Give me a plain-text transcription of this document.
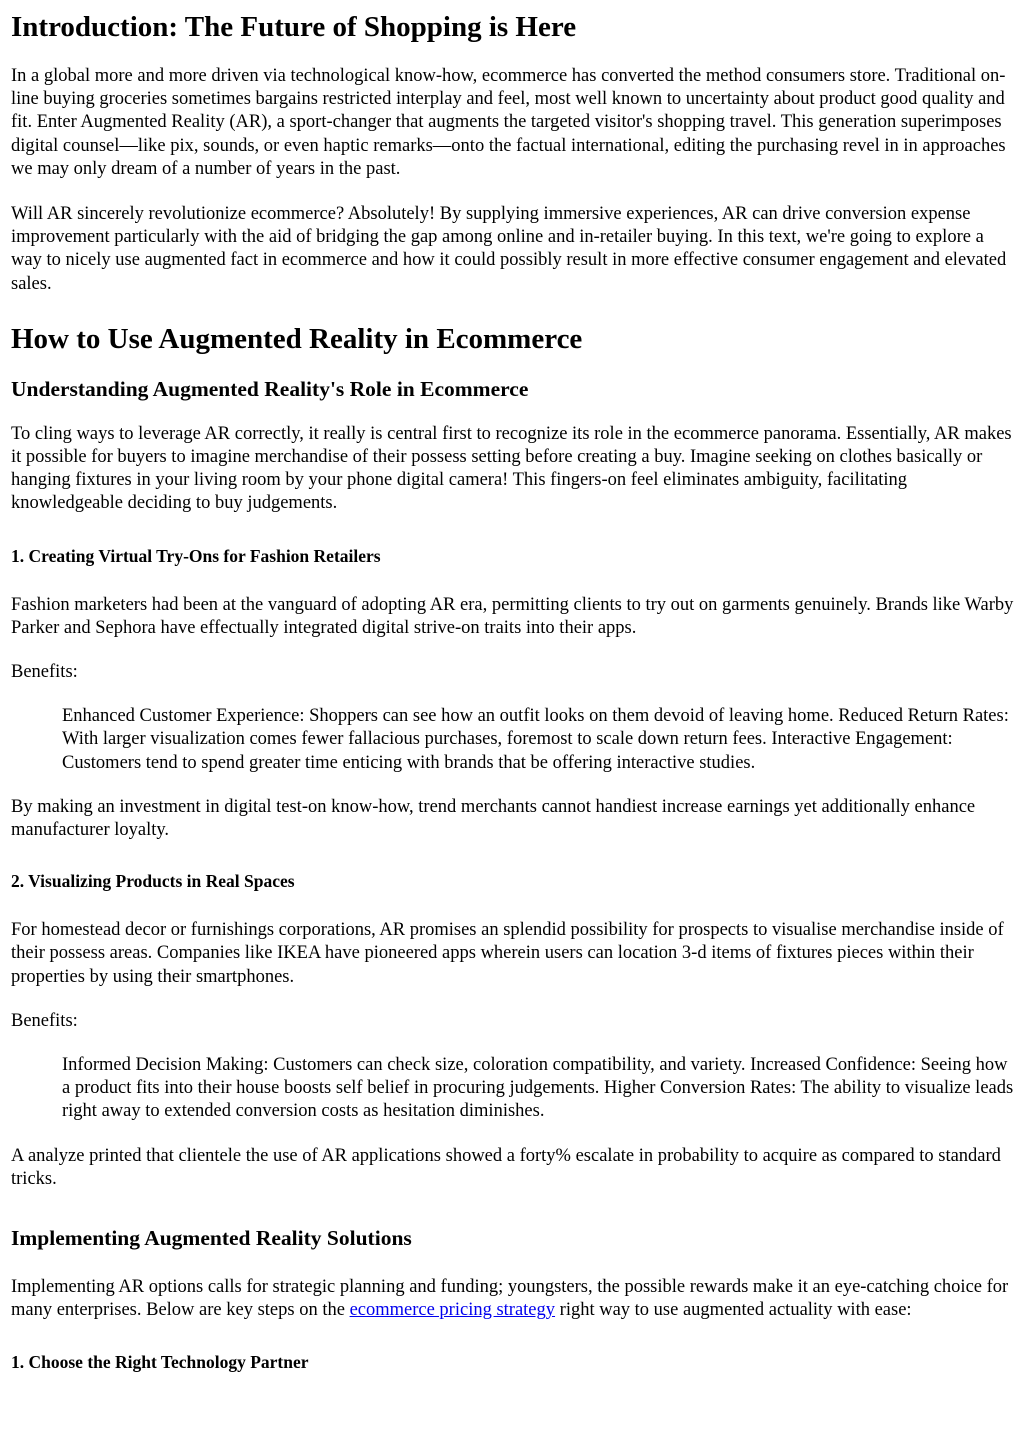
Introduction: The Future of Shopping is Here

In a global more and more driven via technological know-how, ecommerce has converted the method consumers store. Traditional on-line buying groceries sometimes bargains restricted interplay and feel, most well known to uncertainty about product good quality and fit. Enter Augmented Reality (AR), a sport-changer that augments the targeted visitor's shopping travel. This generation superimposes digital counsel—like pix, sounds, or even haptic remarks—onto the factual international, editing the purchasing revel in in approaches we may only dream of a number of years in the past.

Will AR sincerely revolutionize ecommerce? Absolutely! By supplying immersive experiences, AR can drive conversion expense improvement particularly with the aid of bridging the gap among online and in-retailer buying. In this text, we're going to explore a way to nicely use augmented fact in ecommerce and how it could possibly result in more effective consumer engagement and elevated sales.

How to Use Augmented Reality in Ecommerce
Understanding Augmented Reality's Role in Ecommerce

To cling ways to leverage AR correctly, it really is central first to recognize its role in the ecommerce panorama. Essentially, AR makes it possible for buyers to imagine merchandise of their possess setting before creating a buy. Imagine seeking on clothes basically or hanging fixtures in your living room by your phone digital camera! This fingers-on feel eliminates ambiguity, facilitating knowledgeable deciding to buy judgements.

1. Creating Virtual Try-Ons for Fashion Retailers

Fashion marketers had been at the vanguard of adopting AR era, permitting clients to try out on garments genuinely. Brands like Warby Parker and Sephora have effectually integrated digital strive-on traits into their apps.

Benefits:

Enhanced Customer Experience: Shoppers can see how an outfit looks on them devoid of leaving home. Reduced Return Rates: With larger visualization comes fewer fallacious purchases, foremost to scale down return fees. Interactive Engagement: Customers tend to spend greater time enticing with brands that be offering interactive studies.

By making an investment in digital test-on know-how, trend merchants cannot handiest increase earnings yet additionally enhance manufacturer loyalty.

2. Visualizing Products in Real Spaces

For homestead decor or furnishings corporations, AR promises an splendid possibility for prospects to visualise merchandise inside of their possess areas. Companies like IKEA have pioneered apps wherein users can location 3-d items of fixtures pieces within their properties by using their smartphones.

Benefits:

Informed Decision Making: Customers can check size, coloration compatibility, and variety. Increased Confidence: Seeing how a product fits into their house boosts self belief in procuring judgements. Higher Conversion Rates: The ability to visualize leads right away to extended conversion costs as hesitation diminishes.

A analyze printed that clientele the use of AR applications showed a forty% escalate in probability to acquire as compared to standard tricks.

Implementing Augmented Reality Solutions

Implementing AR options calls for strategic planning and funding; youngsters, the possible rewards make it an eye-catching choice for many enterprises. Below are key steps on the ecommerce pricing strategy right way to use augmented actuality with ease:

1. Choose the Right Technology Partner
